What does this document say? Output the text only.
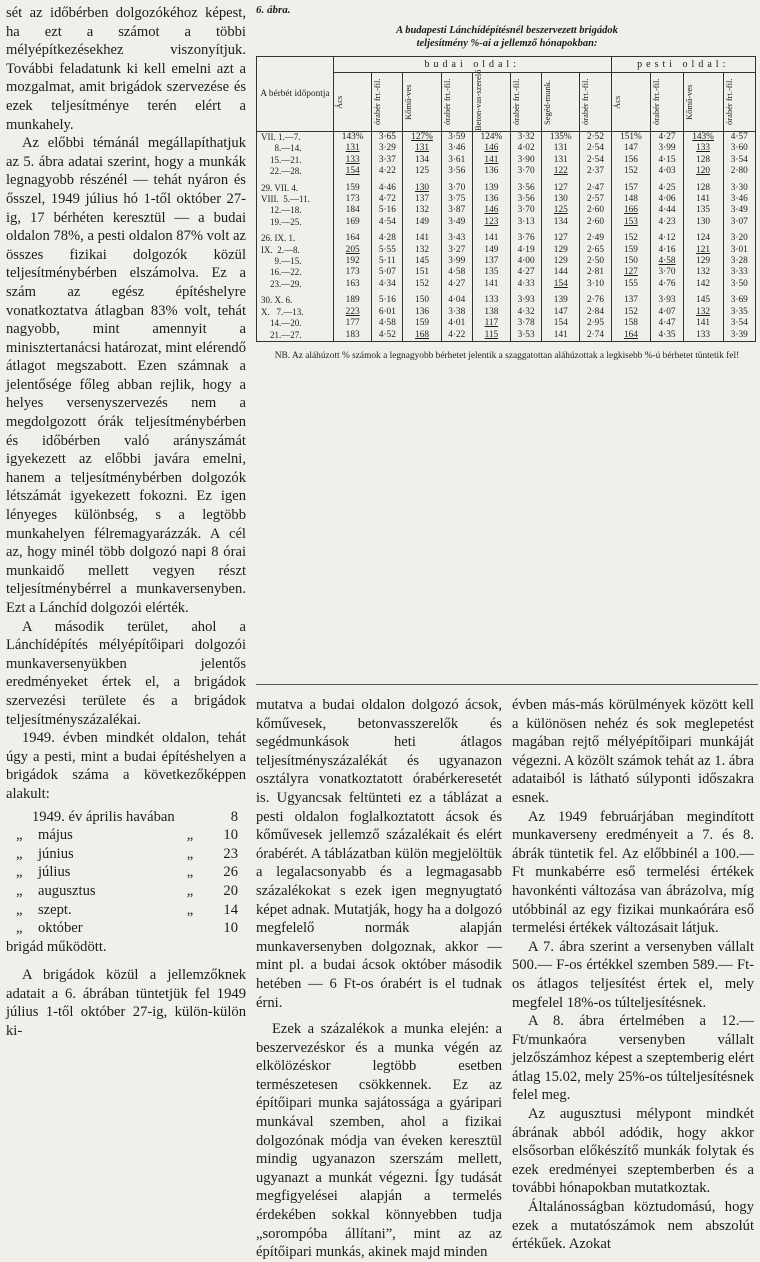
sét az időbérben dolgozókéhoz képest, ha ezt a számot a többi mélyépítkezésekhez viszonyítjuk. További feladatunk ki kell emelni azt a mozgalmat, amit brigádok szervezése és ezek teljesítménye terén elért a munkahely.

Az előbbi témánál megállapíthatjuk az 5. ábra adatai szerint, hogy a munkák legnagyobb részénél — tehát nyáron és ősszel, 1949 július hó 1-től október 27-ig, 17 bérhéten keresztül — a budai oldalon 78%, a pesti oldalon 87% volt az összes fizikai dolgozók közül teljesítménybérben elszámolva. Ez a szám az egész építéshelyre vonatkoztatva átlagban 83% volt, tehát nagyobb, mint amennyit a minisztertanácsi határozat, mint elérendő átlagot megszabott. Ezen számnak a jelentősége főleg abban rejlik, hogy a helyes versenyszervezés nem a megdolgozott órák teljesítménybérben és időbérben való arányszámát igyekezett az előbbi javára emelni, hanem a teljesítménybérben dolgozók létszámát igyekezett fokozni. Ez igen lényeges különbség, s a legtöbb munkahelyen félremagyarázzák. A cél az, hogy minél több dolgozó napi 8 órai munkaidő mellett vegyen részt teljesítménybérrel a munkaversenyben. Ezt a Lánchíd dolgozói elérték.

A második terület, ahol a Lánchídépítés mélyépítőipari dolgozói munkaversenyükben jelentős eredményeket értek el, a brigádok szervezési területe és a brigádok teljesítményszázalékai.

1949. évben mindkét oldalon, tehát úgy a pesti, mint a budai építéshelyen a brigádok száma a következőképpen alakult:

1949. év április havában	8
„	május	„	10
„	június	„	23
„	július	„	26
„	augusztus	„	20
„	szept.	„	14
„	október	10
brigád működött.

A brigádok közül a jellemzőknek adatait a 6. ábrában tüntetjük fel 1949 július 1-től október 27-ig, külön-külön ki-

6. ábra.
A budapesti Lánchídépítésnél beszervezett brigádok
teljesítmény %-ai a jellemző hónapokban:
A bérbét időpontja	budai oldal:								pesti oldal:			

	Ács	órabér frt.-fil.	Kőmű-ves	órabér frt.-fil.	Beton-vas-szerelő	órabér frt.-fil.	Segéd-munk.	órabér frt.-fil.	Ács	órabér frt.-fil.	Kőmű-ves	órabér frt.-fil.

VII. 1.—7.	143%	3·65	127%	3·59	124%	3·32	135%	2·52	151%	4·27	143%	4·57
8.—14.	131	3·29	131	3·46	146	4·02	131	2·54	147	3·99	133	3·60
15.—21.	133	3·37	134	3·61	141	3·90	131	2·54	156	4·15	128	3·54
22.—28.	154	4·22	125	3·56	136	3·70	122	2·37	152	4·03	120	2·80

29. VII. 4.	159	4·46	130	3·70	139	3·56	127	2·47	157	4·25	128	3·30
VIII.  5.—11.	173	4·72	137	3·75	136	3·56	130	2·57	148	4·06	141	3·46
12.—18.	184	5·16	132	3·87	146	3·70	125	2·60	166	4·44	135	3·49
19.—25.	169	4·54	149	3·49	123	3·13	134	2·60	153	4·23	130	3·07

26. IX. 1.	164	4·28	141	3·43	141	3·76	127	2·49	152	4·12	124	3·20
IX.  2.—8.	205	5·55	132	3·27	149	4·19	129	2·65	159	4·16	121	3·01
9.—15.	192	5·11	145	3·99	137	4·00	129	2·50	150	4·58	129	3·28
16.—22.	173	5·07	151	4·58	135	4·27	144	2·81	127	3·70	132	3·33
23.—29.	163	4·34	152	4·27	141	4·33	154	3·10	155	4·76	142	3·50

30. X. 6.	189	5·16	150	4·04	133	3·93	139	2·76	137	3·93	145	3·69
X.   7.—13.	223	6·01	136	3·38	138	4·32	147	2·84	152	4·07	132	3·35
14.—20.	177	4·58	159	4·01	117	3·78	154	2·95	158	4·47	141	3·54
21.—27.	183	4·52	168	4·22	115	3·53	141	2·74	164	4·35	133	3·39
NB. Az aláhúzott % számok a legnagyobb bérhetet jelentik a szaggatottan aláhúzottak a legkisebb %-ú bérhetet tüntetik fel!

mutatva a budai oldalon dolgozó ácsok, kőművesek, betonvasszerelők és segédmunkások heti átlagos teljesítményszázalékát és ugyanazon osztályra vonatkoztatott órabérkeresetét is. Ugyancsak feltünteti ez a táblázat a pesti oldalon foglalkoztatott ácsok és kőművesek jellemző százalékait és elért órabérét. A táblázatban külön megjelöltük a legalacsonyabb és a legmagasabb százalékokat s ezek igen megnyugtató képet adnak. Mutatják, hogy ha a dolgozó megfelelő normák alapján munkaversenyben dolgoznak, akkor — mint pl. a budai ácsok október második hetében — 6 Ft-os órabért is el tudnak érni.

Ezek a százalékok a munka elején: a beszervezéskor és a munka végén az elkölözéskor legtöbb esetben természetesen csökkennek. Ez az építőipari munka sajátossága a gyáripari munkával szemben, ahol a fizikai dolgozónak módja van éveken keresztül mindig ugyanazon szerszám mellett, ugyanazt a munkát végezni. Így tudását megfigyelései alapján a termelés érdekében sokkal könnyebben tudja „sorompóba állítani”, mint az az építőipari munkás, akinek majd minden

évben más-más körülmények között kell a különösen nehéz és sok meglepetést magában rejtő mélyépítőipari munkáját végezni. A közölt számok tehát az 1. ábra adataiból is látható súlyponti időszakra esnek.

Az 1949 februárjában megindított munkaverseny eredményeit a 7. és 8. ábrák tüntetik fel. Az előbbinél a 100.— Ft munkabérre eső termelési értékek havonkénti változása van ábrázolva, míg utóbbinál az egy fizikai munkaórára eső termelési értékek változásait látjuk.

A 7. ábra szerint a versenyben vállalt 500.— F-os értékkel szemben 589.— Ft-os átlagos teljesítést értek el, mely megfelel 18%-os túlteljesítésnek.

A 8. ábra értelmében a 12.— Ft/munkaóra versenyben vállalt jelzőszámhoz képest a szeptemberig elért átlag 15.02, mely 25%-os túlteljesítésnek felel meg.

Az augusztusi mélypont mindkét ábrának abból adódik, hogy akkor elsősorban előkészítő munkák folytak és ezek eredményei szeptemberben és a további hónapokban mutatkoztak.

Általánosságban köztudomású, hogy ezek a mutatószámok nem abszolút értékűek. Azokat
